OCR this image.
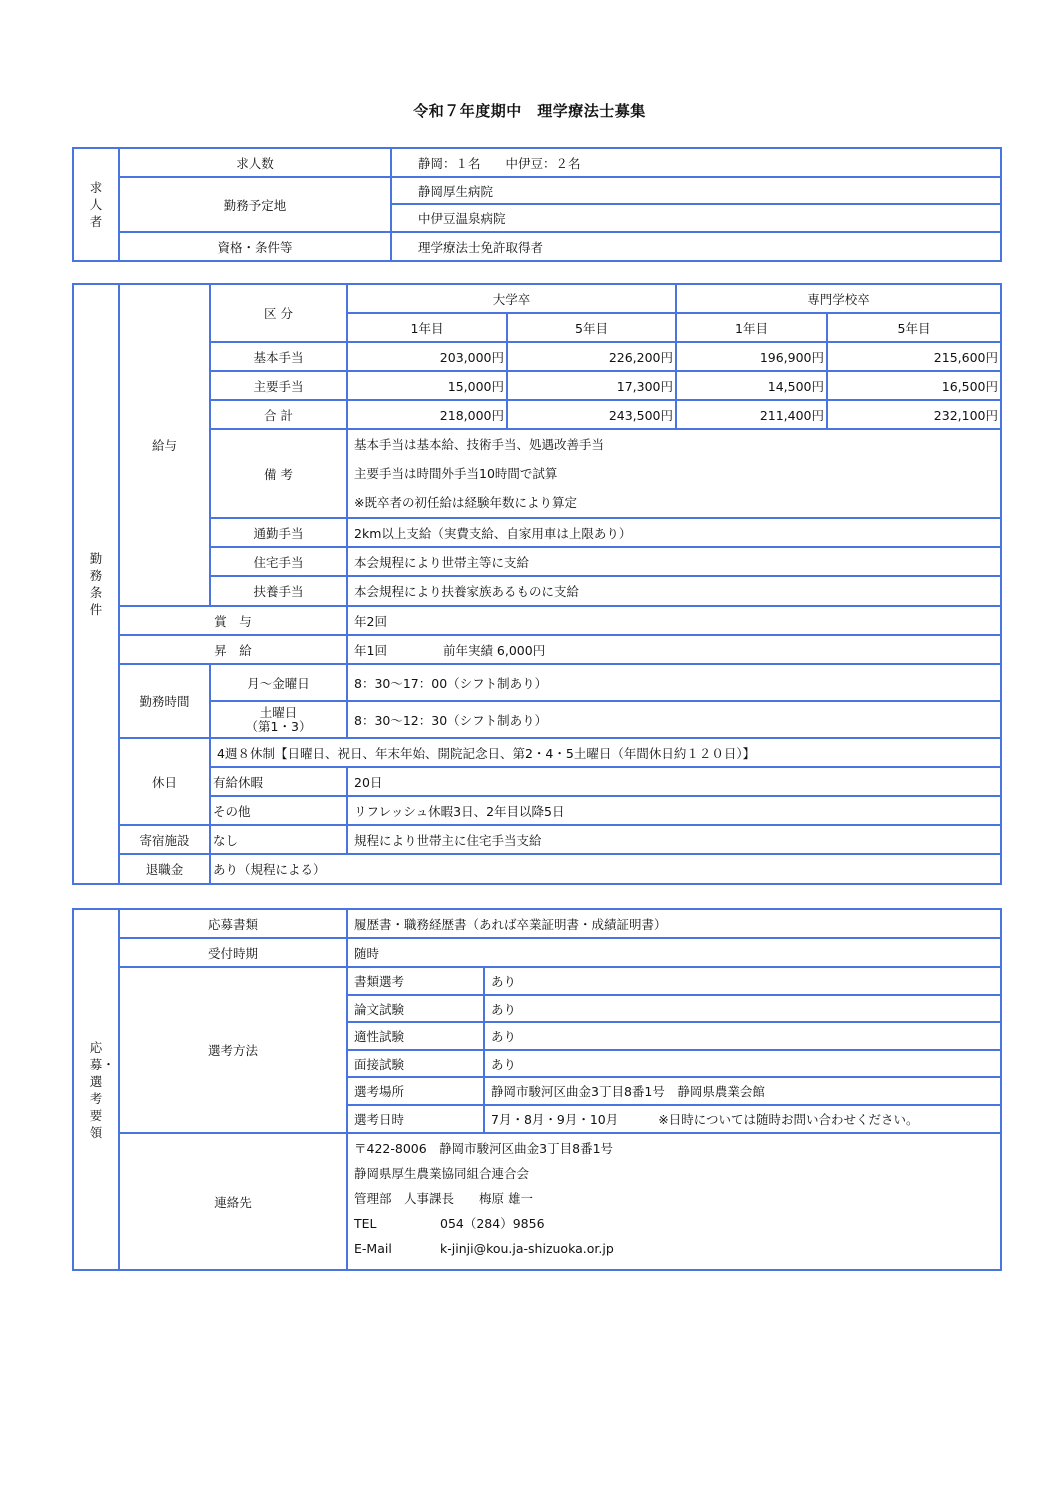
令和７年度期中　理学療法士募集
求人者	求人数	静岡：１名　　中伊豆：２名
	勤務予定地	静岡厚生病院
		中伊豆温泉病院
	資格・条件等	理学療法士免許取得者
勤務条件	給与	区 分	大学卒		専門学校卒	
			1年目	5年目	1年目	5年目
		基本手当	203,000円	226,200円	196,900円	215,600円
		主要手当	15,000円	17,300円	14,500円	16,500円
		合 計	218,000円	243,500円	211,400円	232,100円
		備 考	基本手当は基本給、技術手当、処遇改善手当
主要手当は時間外手当10時間で試算
※既卒者の初任給は経験年数により算定			

		通勤手当	2km以上支給（実費支給、自家用車は上限あり）			
		住宅手当	本会規程により世帯主等に支給			
		扶養手当	本会規程により扶養家族あるものに支給			
	賞　与		年2回			
	昇　給		年1回 前年実績 6,000円			
	勤務時間	月～金曜日	8：30～17：00（シフト制あり）			

		土曜日
（第1・3）	8：30～12：30（シフト制あり）			
	休日	4週８休制【日曜日、祝日、年末年始、開院記念日、第2・4・5土曜日（年間休日約１２０日）】				
		有給休暇	20日			
		その他	リフレッシュ休暇3日、2年目以降5日			
	寄宿施設	なし	規程により世帯主に住宅手当支給			
	退職金	あり（規程による）				
応募・選考要領	応募書類	履歴書・職務経歴書（あれば卒業証明書・成績証明書）	
	受付時期	随時	
	選考方法	書類選考	あり
		論文試験	あり
		適性試験	あり
		面接試験	あり
		選考場所	静岡市駿河区曲金3丁目8番1号　静岡県農業会館
		選考日時	7月・8月・9月・10月 ※日時については随時お問い合わせください。
	連絡先	〒422-8006　静岡市駿河区曲金3丁目8番1号
静岡県厚生農業協同組合連合会
管理部　人事課長　　梅原 雄一
TEL 054（284）9856
E-Mail k-jinji@kou.ja-shizuoka.or.jp	
